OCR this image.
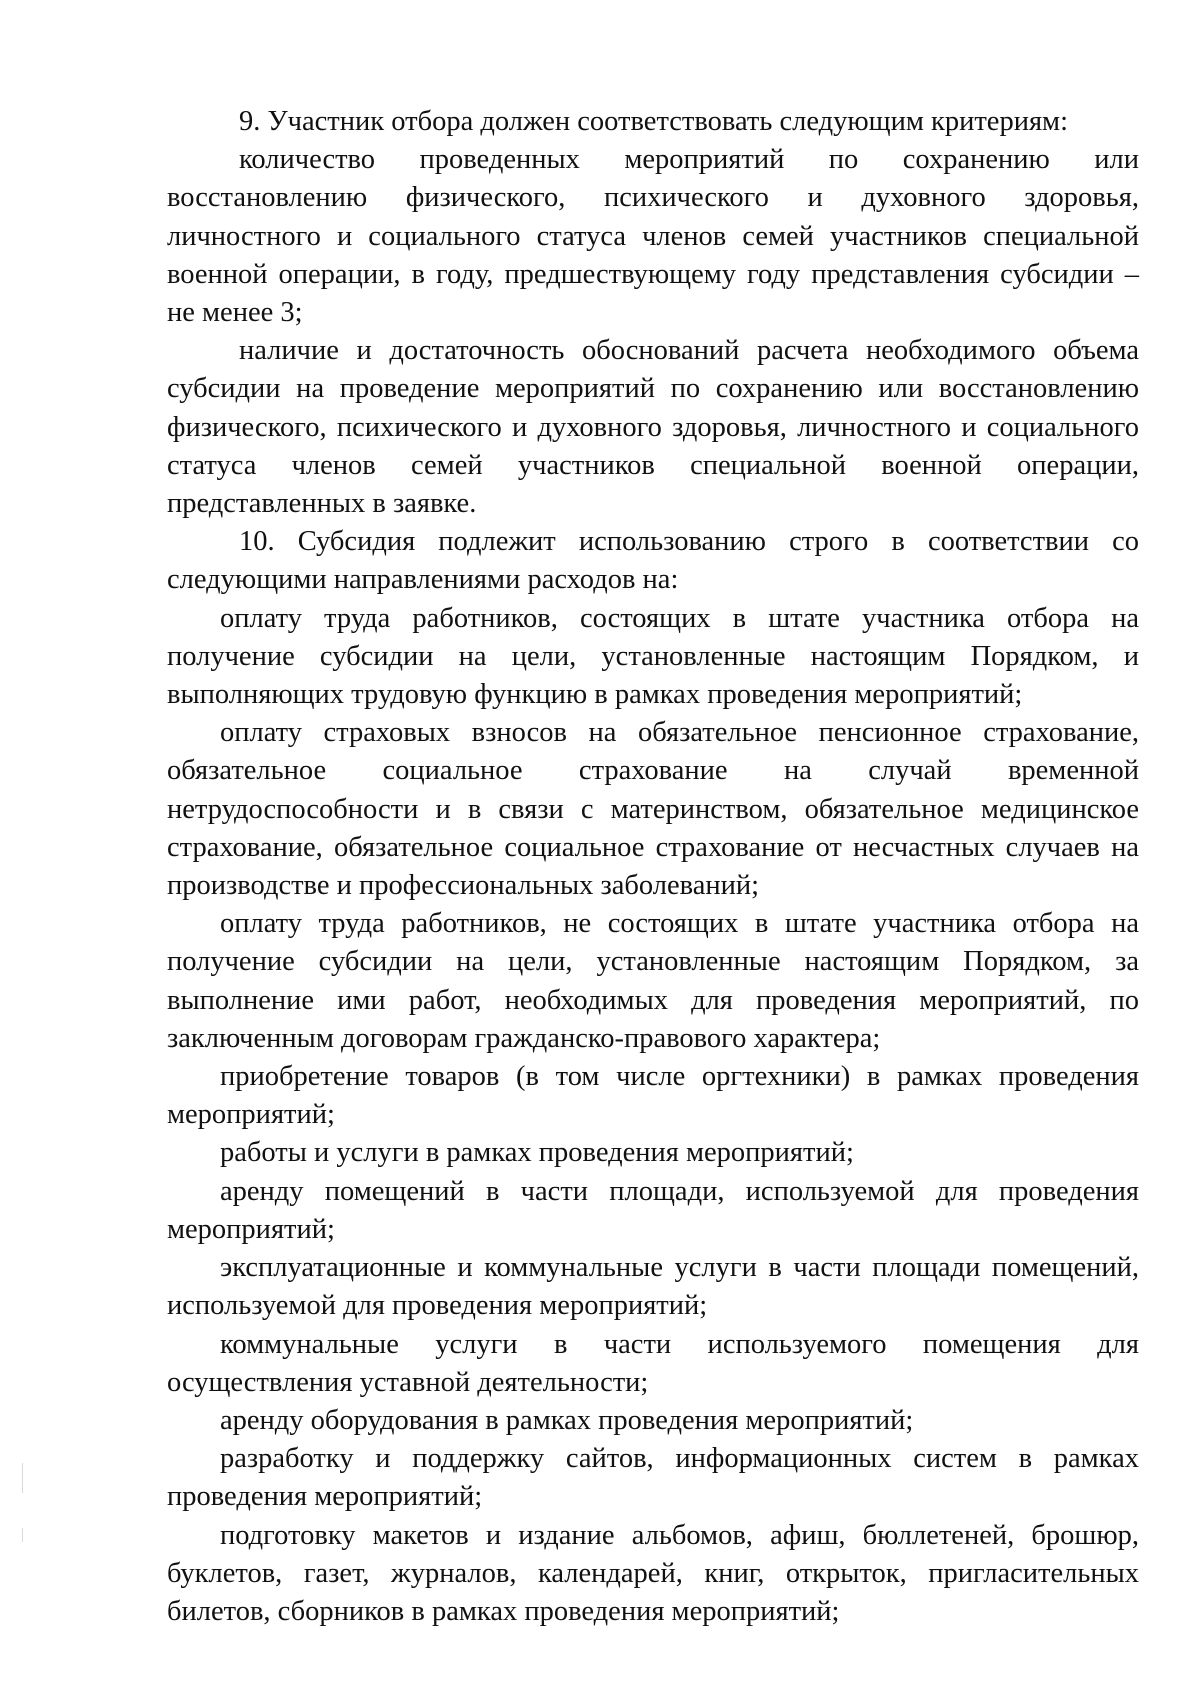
9. Участник отбора должен соответствовать следующим критериям:

количество проведенных мероприятий по сохранению или восстановлению физического, психического и духовного здоровья, личностного и социального статуса членов семей участников специальной военной операции, в году, предшествующему году представления субсидии – не менее 3;

наличие и достаточность обоснований расчета необходимого объема субсидии на проведение мероприятий по сохранению или восстановлению физического, психического и духовного здоровья, личностного и социального статуса членов семей участников специальной военной операции, представленных в заявке.

10. Субсидия подлежит использованию строго в соответствии со следующими направлениями расходов на:

оплату труда работников, состоящих в штате участника отбора на получение субсидии на цели, установленные настоящим Порядком, и выполняющих трудовую функцию в рамках проведения мероприятий;

оплату страховых взносов на обязательное пенсионное страхование, обязательное социальное страхование на случай временной нетрудоспособности и в связи с материнством, обязательное медицинское страхование, обязательное социальное страхование от несчастных случаев на производстве и профессиональных заболеваний;

оплату труда работников, не состоящих в штате участника отбора на получение субсидии на цели, установленные настоящим Порядком, за выполнение ими работ, необходимых для проведения мероприятий, по заключенным договорам гражданско-правового характера;

приобретение товаров (в том числе оргтехники) в рамках проведения мероприятий;

работы и услуги в рамках проведения мероприятий;

аренду помещений в части площади, используемой для проведения мероприятий;

эксплуатационные и коммунальные услуги в части площади помещений, используемой для проведения мероприятий;

коммунальные услуги в части используемого помещения для осуществления уставной деятельности;

аренду оборудования в рамках проведения мероприятий;

разработку и поддержку сайтов, информационных систем в рамках проведения мероприятий;

подготовку макетов и издание альбомов, афиш, бюллетеней, брошюр, буклетов, газет, журналов, календарей, книг, открыток, пригласительных билетов, сборников в рамках проведения мероприятий;
